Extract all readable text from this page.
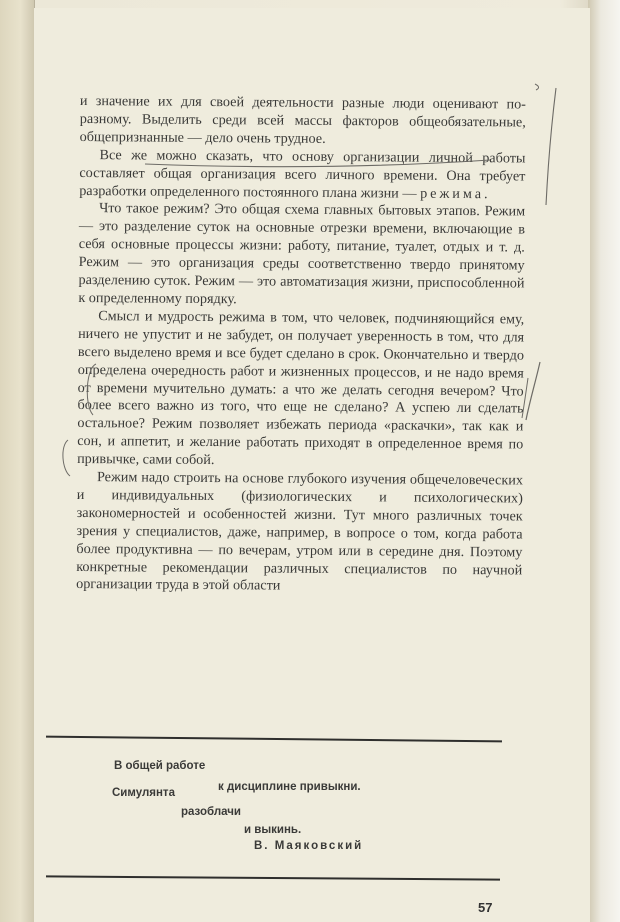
и значение их для своей деятельности разные люди оценивают по-разному. Выделить среди всей массы факторов общеобязательные, общепризнанные — дело очень трудное.

Все же можно сказать, что основу организации личной работы составляет общая организация всего личного времени. Она требует разработки определенного постоянного плана жизни — режима.

Что такое режим? Это общая схема главных бытовых этапов. Режим — это разделение суток на основные отрезки времени, включающие в себя основные процессы жизни: работу, питание, туалет, отдых и т. д. Режим — это организация среды соответственно твердо принятому разделению суток. Режим — это автоматизация жизни, приспособленной к определенному порядку.

Смысл и мудрость режима в том, что человек, подчиняющийся ему, ничего не упустит и не забудет, он получает уверенность в том, что для всего выделено время и все будет сделано в срок. Окончательно и твердо определена очередность работ и жизненных процессов, и не надо время от времени мучительно думать: а что же делать сегодня вечером? Что более всего важно из того, что еще не сделано? А успею ли сделать остальное? Режим позволяет избежать периода «раскачки», так как и сон, и аппетит, и желание работать приходят в определенное время по привычке, сами собой.

Режим надо строить на основе глубокого изучения общечеловеческих и индивидуальных (физиологических и психологических) закономерностей и особенностей жизни. Тут много различных точек зрения у специалистов, даже, например, в вопросе о том, когда работа более продуктивна — по вечерам, утром или в середине дня. Поэтому конкретные рекомендации различных специалистов по научной организации труда в этой области

В общей работе
к дисциплине привыкни.
Симулянта
разоблачи
и выкинь.
В. Маяковский
57
